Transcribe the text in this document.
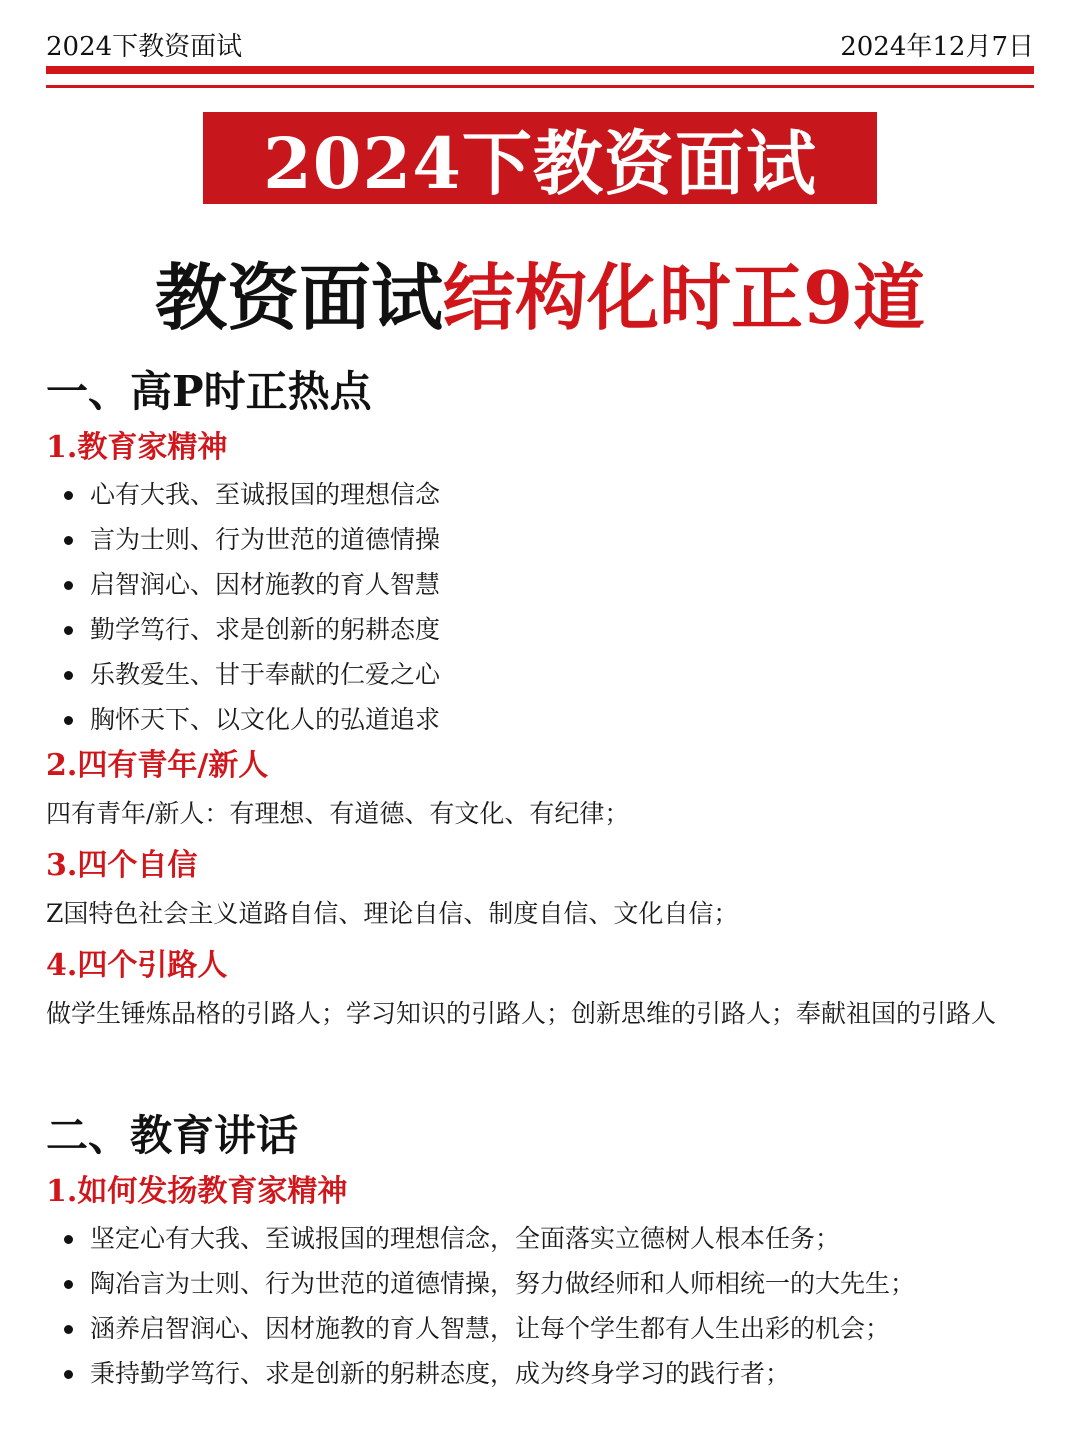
2024下教资面试	2024年12月7日
2024下教资面试
教资面试结构化时正9道
一、高P时正热点
1.教育家精神
心有大我、至诚报国的理想信念
言为士则、行为世范的道德情操
启智润心、因材施教的育人智慧
勤学笃行、求是创新的躬耕态度
乐教爱生、甘于奉献的仁爱之心
胸怀天下、以文化人的弘道追求
2.四有青年/新人
四有青年/新人：有理想、有道德、有文化、有纪律；
3.四个自信
Z国特色社会主义道路自信、理论自信、制度自信、文化自信；
4.四个引路人
做学生锤炼品格的引路人；学习知识的引路人；创新思维的引路人；奉献祖国的引路人
二、教育讲话
1.如何发扬教育家精神
坚定心有大我、至诚报国的理想信念，全面落实立德树人根本任务；
陶冶言为士则、行为世范的道德情操，努力做经师和人师相统一的大先生；
涵养启智润心、因材施教的育人智慧，让每个学生都有人生出彩的机会；
秉持勤学笃行、求是创新的躬耕态度，成为终身学习的践行者；
